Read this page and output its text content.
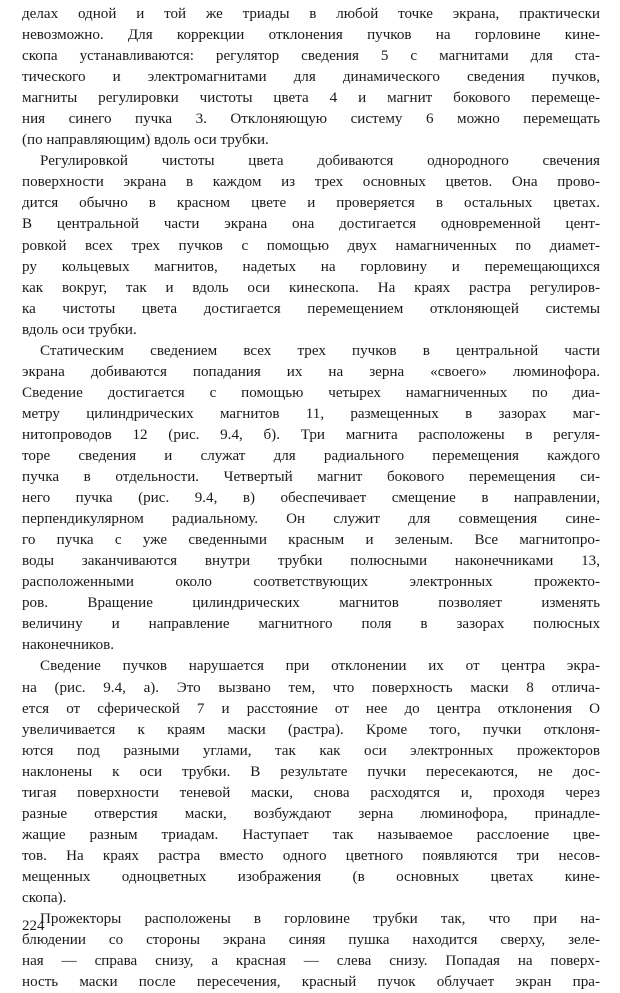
делах одной и той же триады в любой точке экрана, практически
невозможно. Для коррекции отклонения пучков на горловине кине-
скопа устанавливаются: регулятор сведения 5 с магнитами для ста-
тического и электромагнитами для динамического сведения пучков,
магниты регулировки чистоты цвета 4 и магнит бокового перемеще-
ния синего пучка 3. Отклоняющую систему 6 можно перемещать
(по направляющим) вдоль оси трубки.
Регулировкой чистоты цвета добиваются однородного свечения
поверхности экрана в каждом из трех основных цветов. Она прово-
дится обычно в красном цвете и проверяется в остальных цветах.
В центральной части экрана она достигается одновременной цент-
ровкой всех трех пучков с помощью двух намагниченных по диамет-
ру кольцевых магнитов, надетых на горловину и перемещающихся
как вокруг, так и вдоль оси кинескопа. На краях растра регулиров-
ка чистоты цвета достигается перемещением отклоняющей системы
вдоль оси трубки.
Статическим сведением всех трех пучков в центральной части
экрана добиваются попадания их на зерна «своего» люминофора.
Сведение достигается с помощью четырех намагниченных по диа-
метру цилиндрических магнитов 11, размещенных в зазорах маг-
нитопроводов 12 (рис. 9.4, б). Три магнита расположены в регуля-
торе сведения и служат для радиального перемещения каждого
пучка в отдельности. Четвертый магнит бокового перемещения си-
него пучка (рис. 9.4, в) обеспечивает смещение в направлении,
перпендикулярном радиальному. Он служит для совмещения сине-
го пучка с уже сведенными красным и зеленым. Все магнитопро-
воды заканчиваются внутри трубки полюсными наконечниками 13,
расположенными около соответствующих электронных прожекто-
ров. Вращение цилиндрических магнитов позволяет изменять
величину и направление магнитного поля в зазорах полюсных
наконечников.
Сведение пучков нарушается при отклонении их от центра экра-
на (рис. 9.4, а). Это вызвано тем, что поверхность маски 8 отлича-
ется от сферической 7 и расстояние от нее до центра отклонения О
увеличивается к краям маски (растра). Кроме того, пучки отклоня-
ются под разными углами, так как оси электронных прожекторов
наклонены к оси трубки. В результате пучки пересекаются, не дос-
тигая поверхности теневой маски, снова расходятся и, проходя через
разные отверстия маски, возбуждают зерна люминофора, принадле-
жащие разным триадам. Наступает так называемое расслоение цве-
тов. На краях растра вместо одного цветного появляются три несов-
мещенных одноцветных изображения (в основных цветах кине-
скопа).
Прожекторы расположены в горловине трубки так, что при на-
блюдении со стороны экрана синяя пушка находится сверху, зеле-
ная — справа снизу, а красная — слева снизу. Попадая на поверх-
ность маски после пересечения, красный пучок облучает экран пра-
224
